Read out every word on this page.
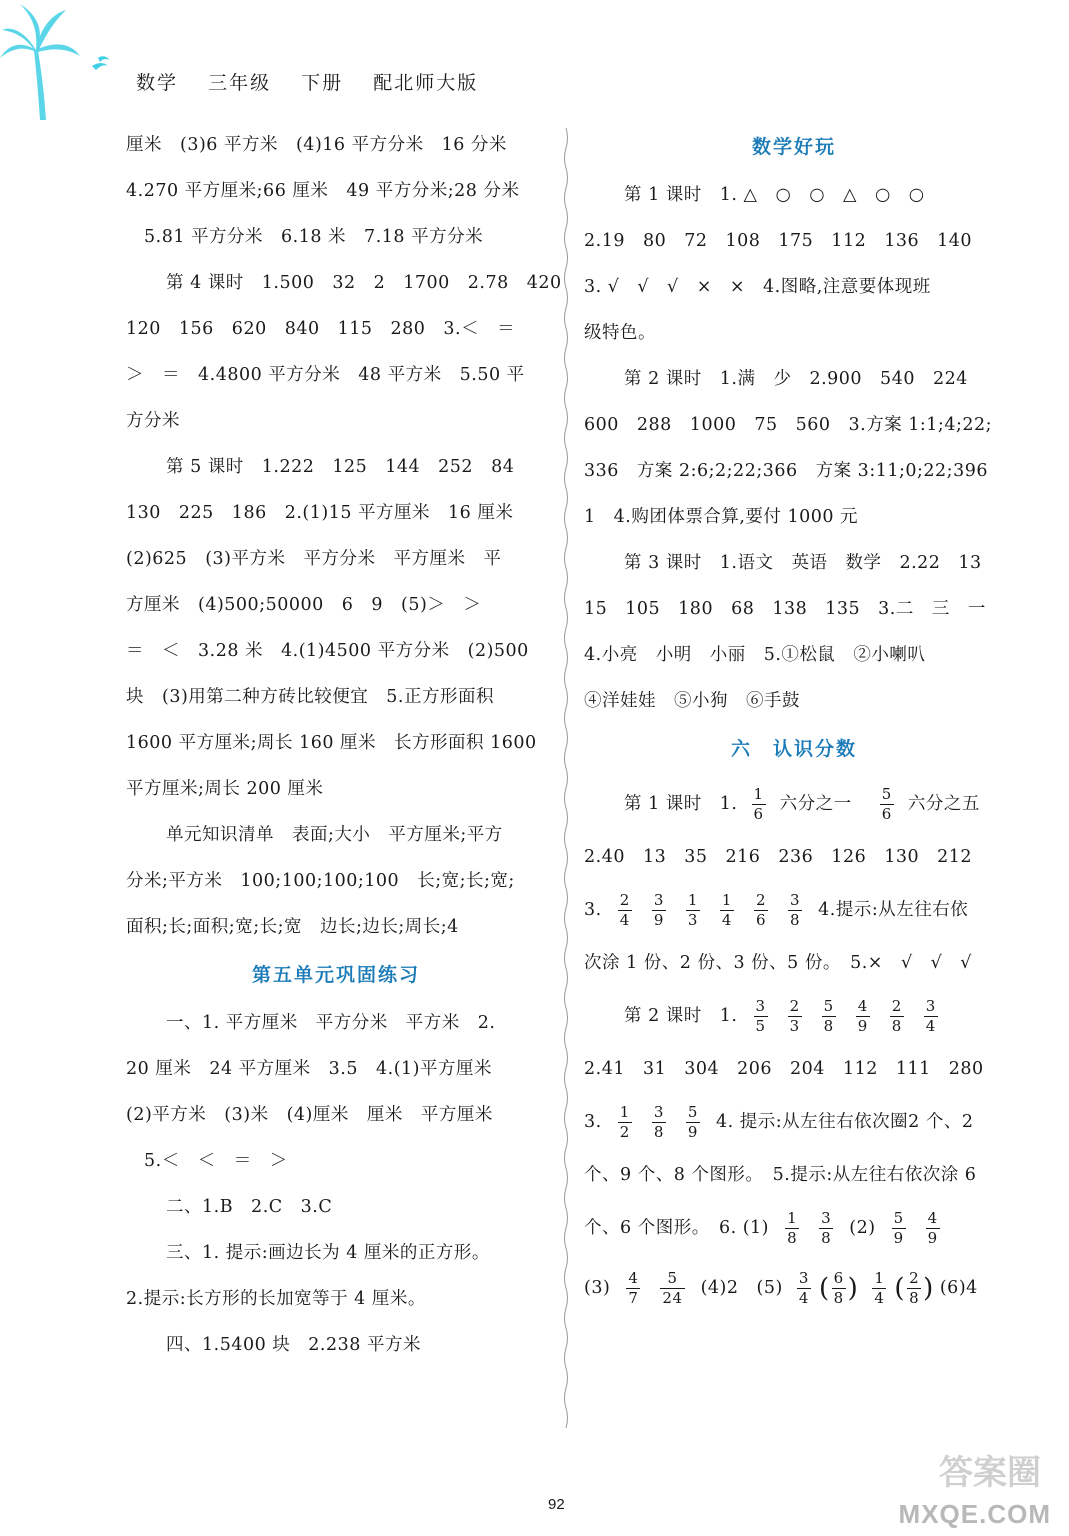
数学 三年级 下册 配北师大版
厘米　(3)6 平方米　(4)16 平方分米　16 分米
4.270 平方厘米;66 厘米　49 平方分米;28 分米
5.81 平方分米　6.18 米　7.18 平方分米
第 4 课时　1.500　32　2　1700　2.78　420
120　156　620　840　115　280　3.＜　＝
＞　＝　4.4800 平方分米　48 平方米　5.50 平
方分米
第 5 课时　1.222　125　144　252　84
130　225　186　2.(1)15 平方厘米　16 厘米
(2)625　(3)平方米　平方分米　平方厘米　平
方厘米　(4)500;50000　6　9　(5)＞　＞
＝　＜　3.28 米　4.(1)4500 平方分米　(2)500
块　(3)用第二种方砖比较便宜　5.正方形面积
1600 平方厘米;周长 160 厘米　长方形面积 1600
平方厘米;周长 200 厘米
单元知识清单　表面;大小　平方厘米;平方
分米;平方米　100;100;100;100　长;宽;长;宽;
面积;长;面积;宽;长;宽　边长;边长;周长;4
第五单元巩固练习
一、1. 平方厘米　平方分米　平方米　2.
20 厘米　24 平方厘米　3.5　4.(1)平方厘米
(2)平方米　(3)米　(4)厘米　厘米　平方厘米
5.＜　＜　＝　＞
二、1.B　2.C　3.C
三、1. 提示:画边长为 4 厘米的正方形。
2.提示:长方形的长加宽等于 4 厘米。
四、1.5400 块　2.238 平方米
数学好玩
第 1 课时　1. △　○　○　△　○　○
2.19　80　72　108　175　112　136　140
3. √　√　√　×　×　4.图略,注意要体现班
级特色。
第 2 课时　1.满　少　2.900　540　224
600　288　1000　75　560　3.方案 1:1;4;22;
336　方案 2:6;2;22;366　方案 3:11;0;22;396
1　4.购团体票合算,要付 1000 元
第 3 课时　1.语文　英语　数学　2.22　13
15　105　180　68　138　135　3.二　三　一
4.小亮　小明　小丽　5.①松鼠　②小喇叭
④洋娃娃　⑤小狗　⑥手鼓
六　认识分数
第 1 课时　1. $\frac{1}{6}$ 六分之一 $\frac{5}{6}$ 六分之五
2.40　13　35　216　236　126　130　212
3. $\frac{2}{4} \frac{3}{9} \frac{1}{3} \frac{1}{4} \frac{2}{6} \frac{3}{8} 4$.提示:从左往右依
次涂 1 份、2 份、3 份、5 份。　5.×　√　√　√
第 2 课时　1. $\frac{3}{5} \frac{2}{3} \frac{5}{8} \frac{4}{9} \frac{2}{8} \frac{3}{4}$
2.41　31　304　206　204　112　111　280
3. $\frac{1}{2} \frac{3}{8} \frac{5}{9} 4$. 提示:从左往右依次圈2 个、2
个、9 个、8 个图形。　5.提示:从左往右依次涂 6
个、6 个图形。　6. $(1) \frac{1}{8} \frac{3}{8} (2) \frac{5}{9} \frac{4}{9}$
$(3) \frac{4}{7} \frac{5}{24} (4)2$　$(5) \frac{3}{4}$ ( $\frac{6}{8}$ ) $\frac{1}{4}$ ( $\frac{2}{8}$ ) (6)4
92
答案圈
MXQE.COM
